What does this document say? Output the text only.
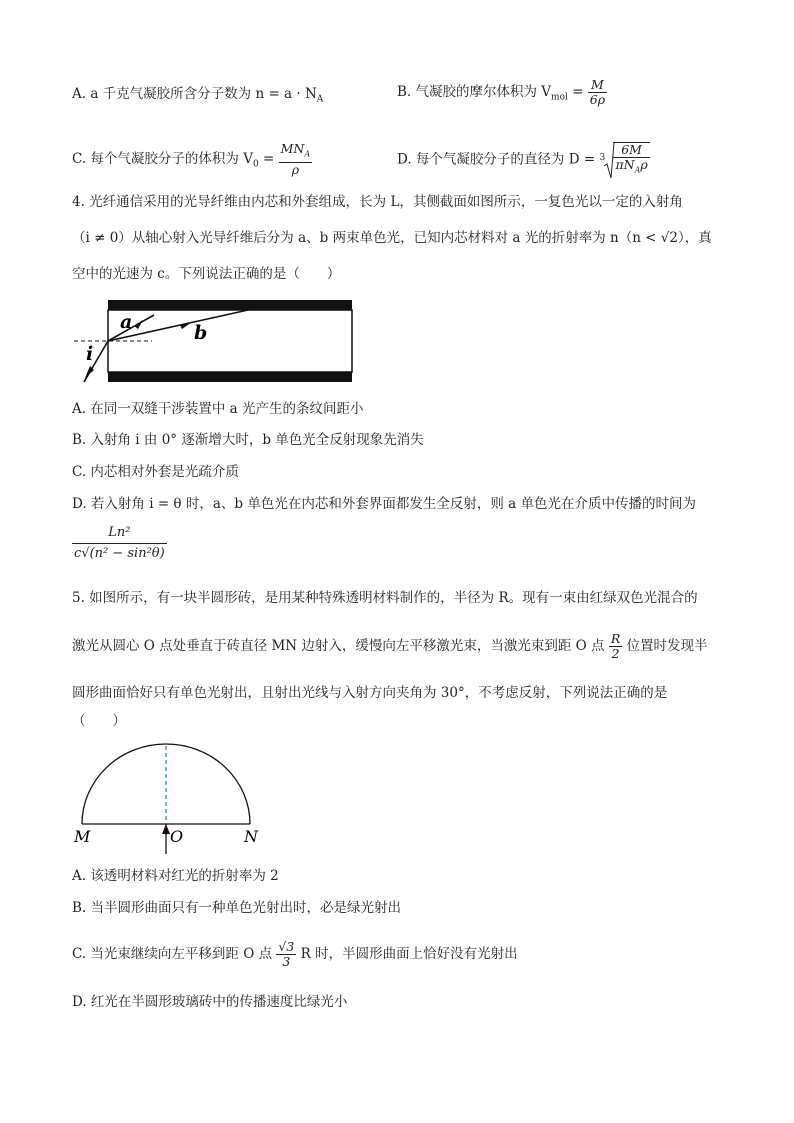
A. a 千克气凝胶所含分子数为 $n = a \cdot N_A$	B. 气凝胶的摩尔体积为 $V_{mol} = \frac{M}{6\rho}$
C. 每个气凝胶分子的体积为 $V_0 = \frac{MN_A}{\rho}$	D. 每个气凝胶分子的直径为 $D = 3 \frac{6M}{\pi N_A\rho}$
4. 光纤通信采用的光导纤维由内芯和外套组成，长为 L，其侧截面如图所示，一复色光以一定的入射角
（i ≠ 0）从轴心射入光导纤维后分为 a、b 两束单色光，已知内芯材料对 a 光的折射率为 n（n < √2），真
空中的光速为 c。下列说法正确的是（　　）
a	b
i
A. 在同一双缝干涉装置中 a 光产生的条纹间距小
B. 入射角 i 由 0° 逐渐增大时，b 单色光全反射现象先消失
C. 内芯相对外套是光疏介质
D. 若入射角 i = θ 时，a、b 单色光在内芯和外套界面都发生全反射，则 a 单色光在介质中传播的时间为
$\frac{\text{Ln²}}{\text{c√(n² − sin²θ)}}$
5. 如图所示，有一块半圆形砖，是用某种特殊透明材料制作的，半径为 R。现有一束由红绿双色光混合的
激光从圆心 O 点处垂直于砖直径 MN 边射入，缓慢向左平移激光束，当激光束到距 O 点 $\frac{R}{2}$ 位置时发现半
圆形曲面恰好只有单色光射出，且射出光线与入射方向夹角为 30°，不考虑反射，下列说法正确的是
（　　）
M	O	N
A. 该透明材料对红光的折射率为 2
B. 当半圆形曲面只有一种单色光射出时，必是绿光射出
C. 当光束继续向左平移到距 O 点 $\frac{√3}{3}$ R 时，半圆形曲面上恰好没有光射出
D. 红光在半圆形玻璃砖中的传播速度比绿光小
